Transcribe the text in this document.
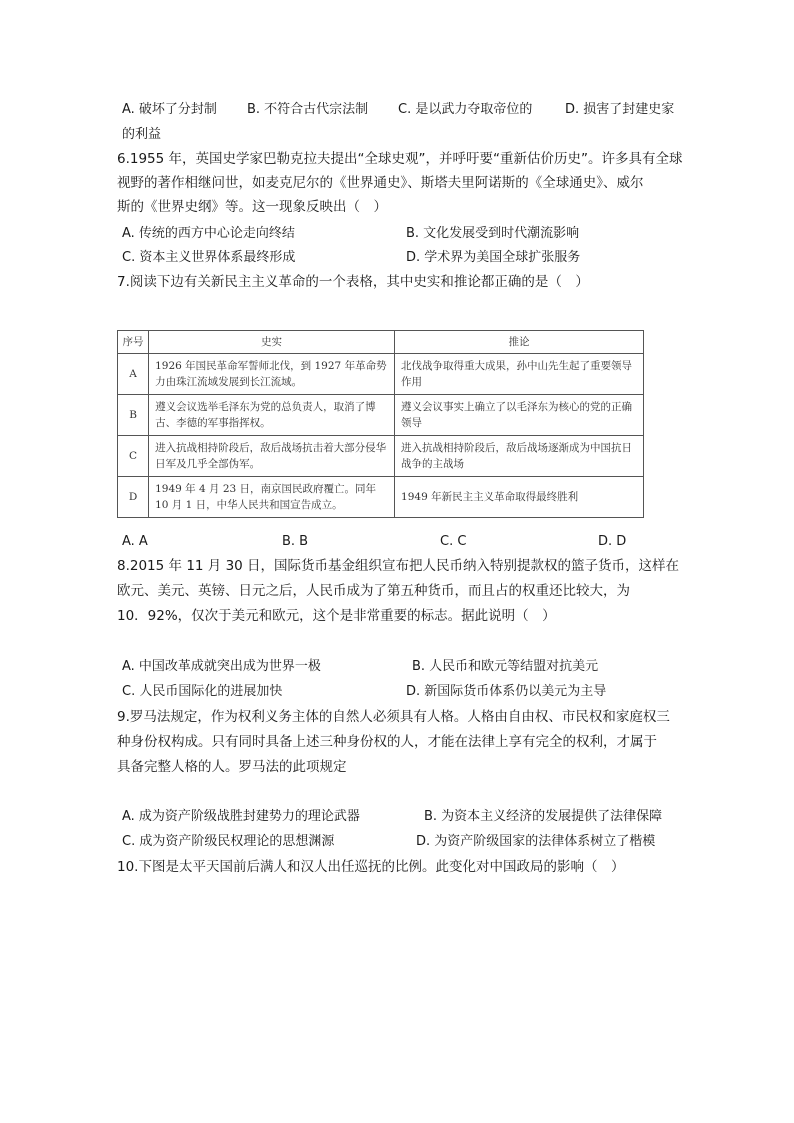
A. 破坏了分封制 B. 不符合古代宗法制 C. 是以武力夺取帝位的	D. 损害了封建史家
的利益
6.1955 年，英国史学家巴勒克拉夫提出“全球史观”，并呼吁要“重新估价历史”。许多具有全球
视野的著作相继问世，如麦克尼尔的《世界通史》、斯塔夫里阿诺斯的《全球通史》、威尔
斯的《世界史纲》等。这一现象反映出（　）
A. 传统的西方中心论走向终结	B. 文化发展受到时代潮流影响
C. 资本主义世界体系最终形成	D. 学术界为美国全球扩张服务
7.阅读下边有关新民主主义革命的一个表格，其中史实和推论都正确的是（　）
序号	史实	推论
A	1926 年国民革命军誓师北伐，到 1927 年革命势力由珠江流域发展到长江流域。	北伐战争取得重大成果，孙中山先生起了重要领导作用
B	遵义会议选举毛泽东为党的总负责人，取消了博古、李德的军事指挥权。	遵义会议事实上确立了以毛泽东为核心的党的正确领导
C	进入抗战相持阶段后，敌后战场抗击着大部分侵华日军及几乎全部伪军。	进入抗战相持阶段后，敌后战场逐渐成为中国抗日战争的主战场
D	1949 年 4 月 23 日，南京国民政府覆亡。同年 10 月 1 日，中华人民共和国宣告成立。	1949 年新民主主义革命取得最终胜利
A. A	B. B	C. C	D. D
8.2015 年 11 月 30 日，国际货币基金组织宣布把人民币纳入特别提款权的篮子货币，这样在
欧元、美元、英镑、日元之后，人民币成为了第五种货币，而且占的权重还比较大，为
10．92%，仅次于美元和欧元，这个是非常重要的标志。据此说明（　）
A. 中国改革成就突出成为世界一极	B. 人民币和欧元等结盟对抗美元
C. 人民币国际化的进展加快	D. 新国际货币体系仍以美元为主导
9.罗马法规定，作为权利义务主体的自然人必须具有人格。人格由自由权、市民权和家庭权三
种身份权构成。只有同时具备上述三种身份权的人，才能在法律上享有完全的权利，才属于
具备完整人格的人。罗马法的此项规定
A. 成为资产阶级战胜封建势力的理论武器	B. 为资本主义经济的发展提供了法律保障
C. 成为资产阶级民权理论的思想渊源	D. 为资产阶级国家的法律体系树立了楷模
10.下图是太平天国前后满人和汉人出任巡抚的比例。此变化对中国政局的影响（　）
